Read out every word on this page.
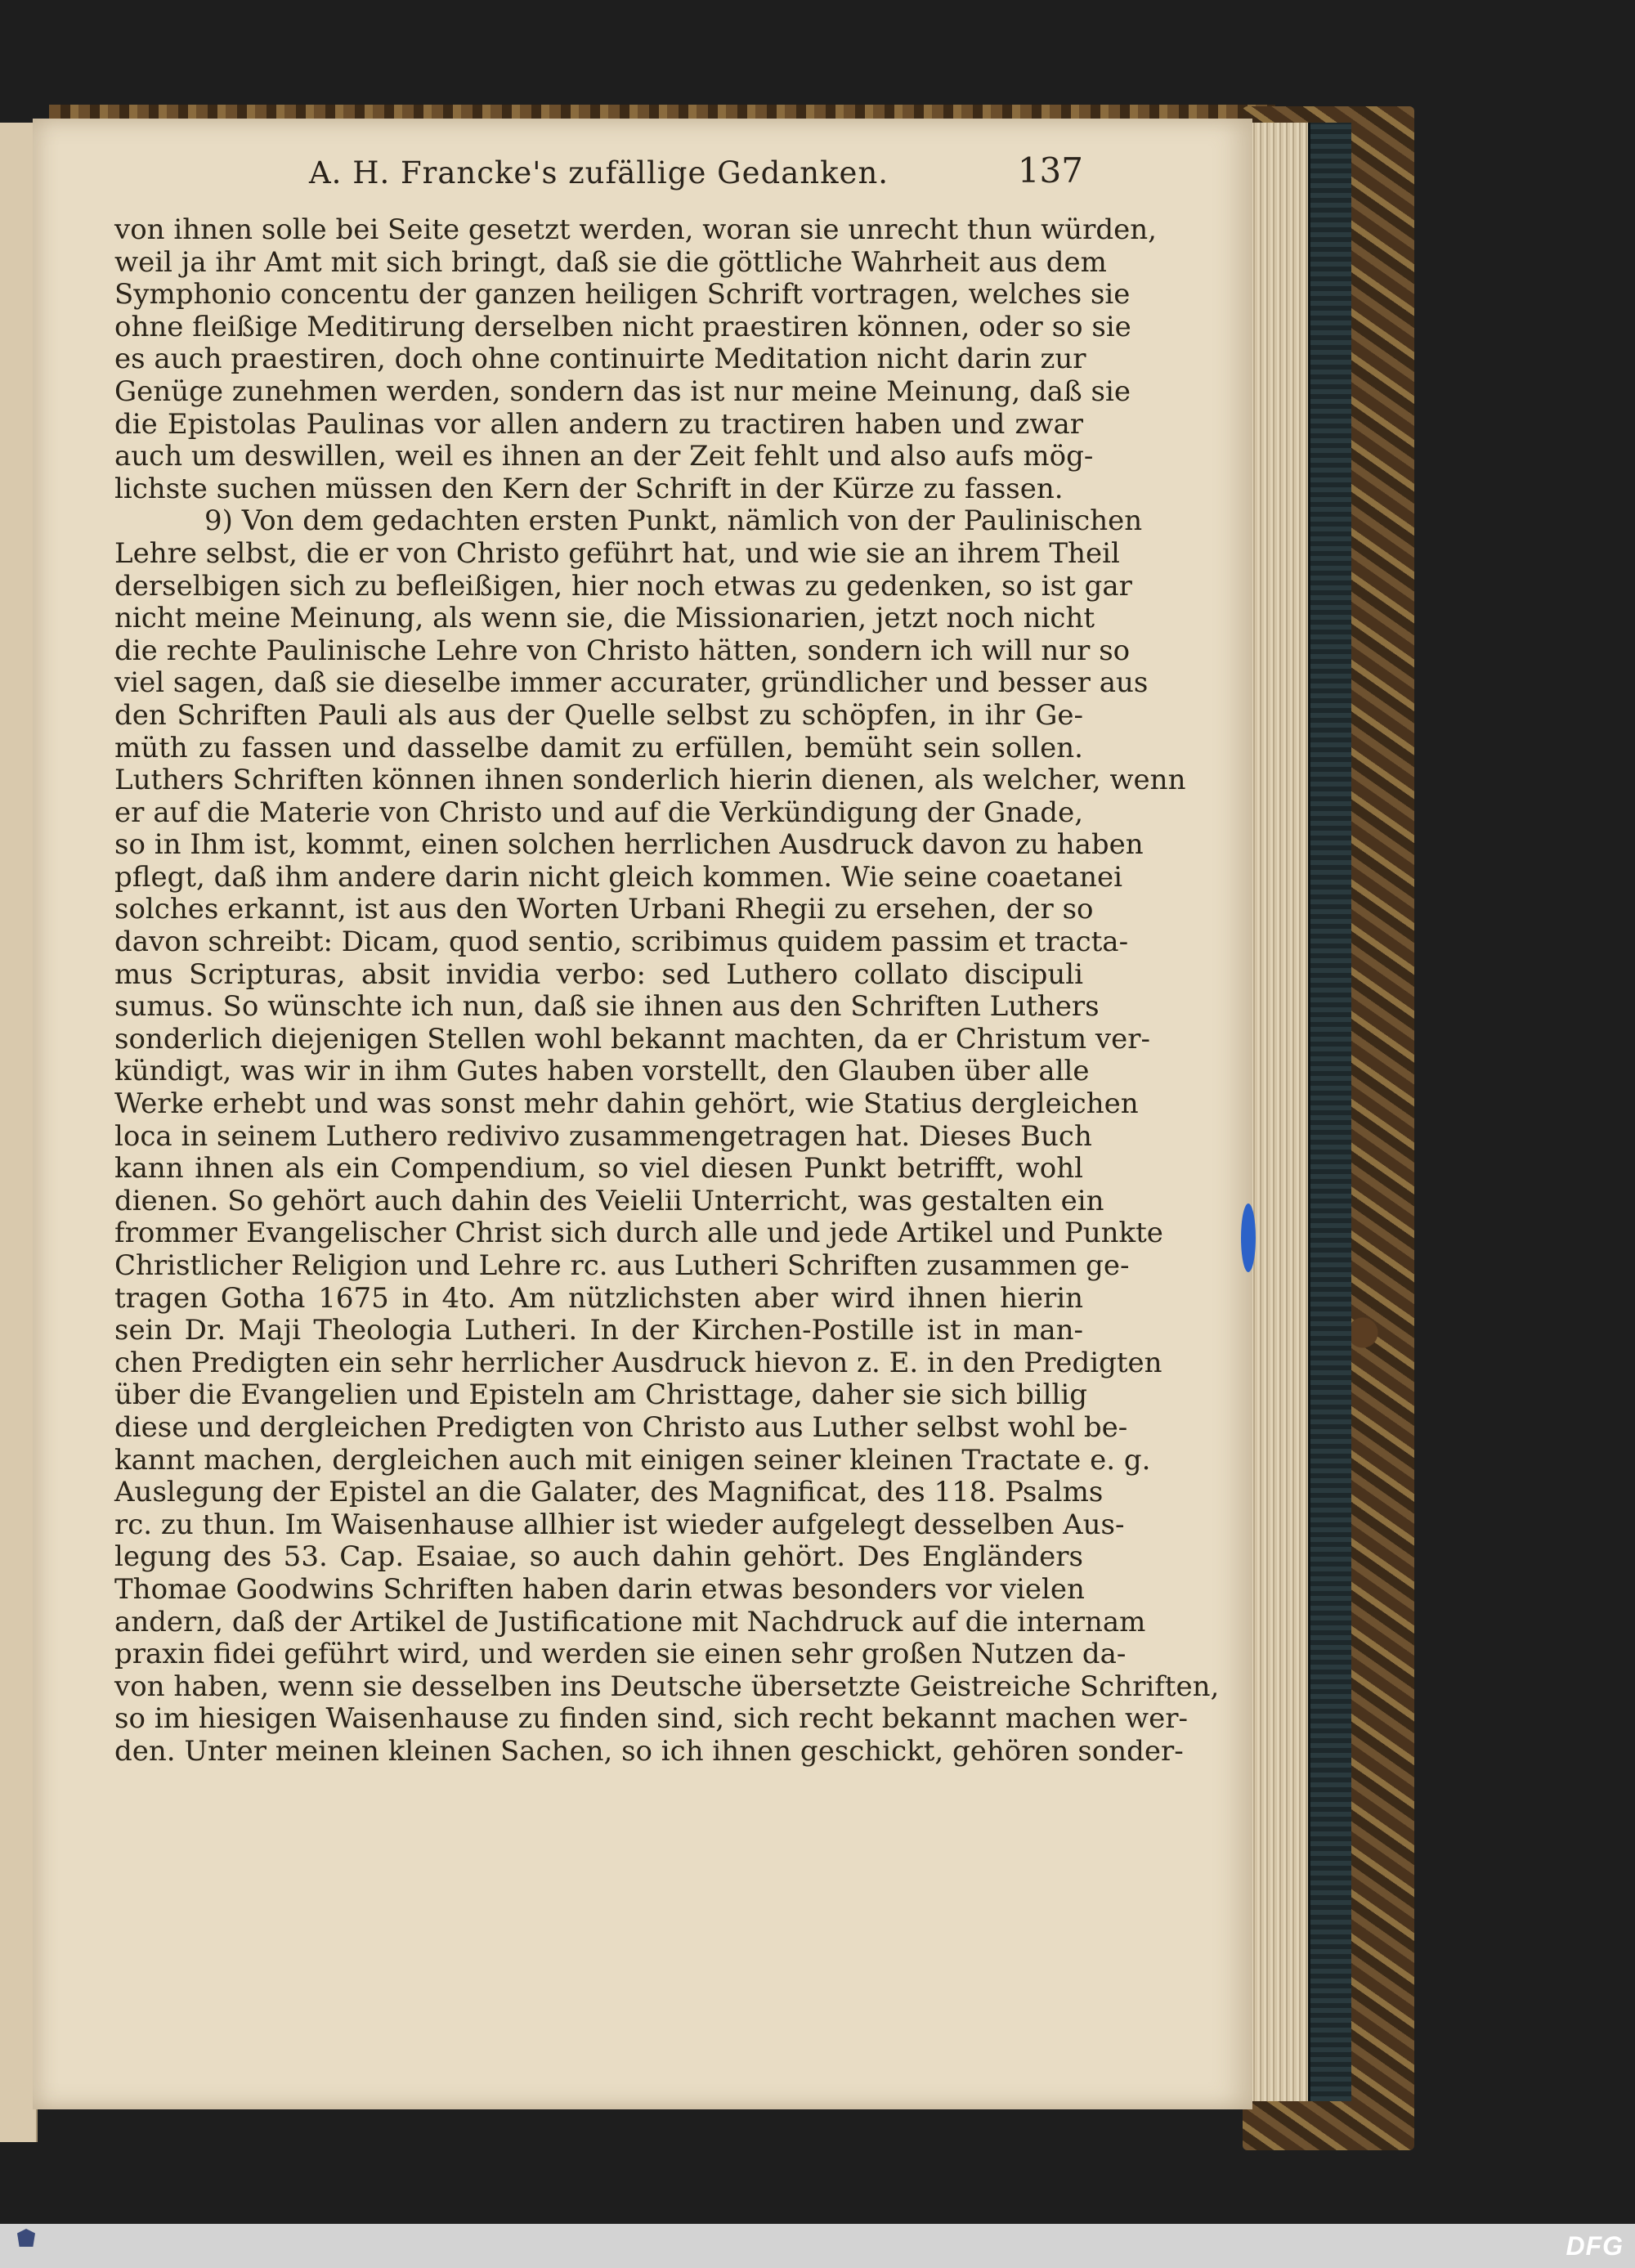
A. H. Francke's zufällige Gedanken.	137
von ihnen solle bei Seite gesetzt werden, woran sie unrecht thun würden,
weil ja ihr Amt mit sich bringt, daß sie die göttliche Wahrheit aus dem
Symphonio concentu der ganzen heiligen Schrift vortragen, welches sie
ohne fleißige Meditirung derselben nicht praestiren können, oder so sie
es auch praestiren, doch ohne continuirte Meditation nicht darin zur
Genüge zunehmen werden, sondern das ist nur meine Meinung, daß sie
die Epistolas Paulinas vor allen andern zu tractiren haben und zwar
auch um deswillen, weil es ihnen an der Zeit fehlt und also aufs mög-
lichste suchen müssen den Kern der Schrift in der Kürze zu fassen.
9) Von dem gedachten ersten Punkt, nämlich von der Paulinischen
Lehre selbst, die er von Christo geführt hat, und wie sie an ihrem Theil
derselbigen sich zu befleißigen, hier noch etwas zu gedenken, so ist gar
nicht meine Meinung, als wenn sie, die Missionarien, jetzt noch nicht
die rechte Paulinische Lehre von Christo hätten, sondern ich will nur so
viel sagen, daß sie dieselbe immer accurater, gründlicher und besser aus
den Schriften Pauli als aus der Quelle selbst zu schöpfen, in ihr Ge-
müth zu fassen und dasselbe damit zu erfüllen, bemüht sein sollen.
Luthers Schriften können ihnen sonderlich hierin dienen, als welcher, wenn
er auf die Materie von Christo und auf die Verkündigung der Gnade,
so in Ihm ist, kommt, einen solchen herrlichen Ausdruck davon zu haben
pflegt, daß ihm andere darin nicht gleich kommen. Wie seine coaetanei
solches erkannt, ist aus den Worten Urbani Rhegii zu ersehen, der so
davon schreibt: Dicam, quod sentio, scribimus quidem passim et tracta-
mus Scripturas, absit invidia verbo: sed Luthero collato discipuli
sumus. So wünschte ich nun, daß sie ihnen aus den Schriften Luthers
sonderlich diejenigen Stellen wohl bekannt machten, da er Christum ver-
kündigt, was wir in ihm Gutes haben vorstellt, den Glauben über alle
Werke erhebt und was sonst mehr dahin gehört, wie Statius dergleichen
loca in seinem Luthero redivivo zusammengetragen hat. Dieses Buch
kann ihnen als ein Compendium, so viel diesen Punkt betrifft, wohl
dienen. So gehört auch dahin des Veielii Unterricht, was gestalten ein
frommer Evangelischer Christ sich durch alle und jede Artikel und Punkte
Christlicher Religion und Lehre rc. aus Lutheri Schriften zusammen ge-
tragen Gotha 1675 in 4to. Am nützlichsten aber wird ihnen hierin
sein Dr. Maji Theologia Lutheri. In der Kirchen-Postille ist in man-
chen Predigten ein sehr herrlicher Ausdruck hievon z. E. in den Predigten
über die Evangelien und Episteln am Christtage, daher sie sich billig
diese und dergleichen Predigten von Christo aus Luther selbst wohl be-
kannt machen, dergleichen auch mit einigen seiner kleinen Tractate e. g.
Auslegung der Epistel an die Galater, des Magnificat, des 118. Psalms
rc. zu thun. Im Waisenhause allhier ist wieder aufgelegt desselben Aus-
legung des 53. Cap. Esaiae, so auch dahin gehört. Des Engländers
Thomae Goodwins Schriften haben darin etwas besonders vor vielen
andern, daß der Artikel de Justificatione mit Nachdruck auf die internam
praxin fidei geführt wird, und werden sie einen sehr großen Nutzen da-
von haben, wenn sie desselben ins Deutsche übersetzte Geistreiche Schriften,
so im hiesigen Waisenhause zu finden sind, sich recht bekannt machen wer-
den. Unter meinen kleinen Sachen, so ich ihnen geschickt, gehören sonder-
DFG
